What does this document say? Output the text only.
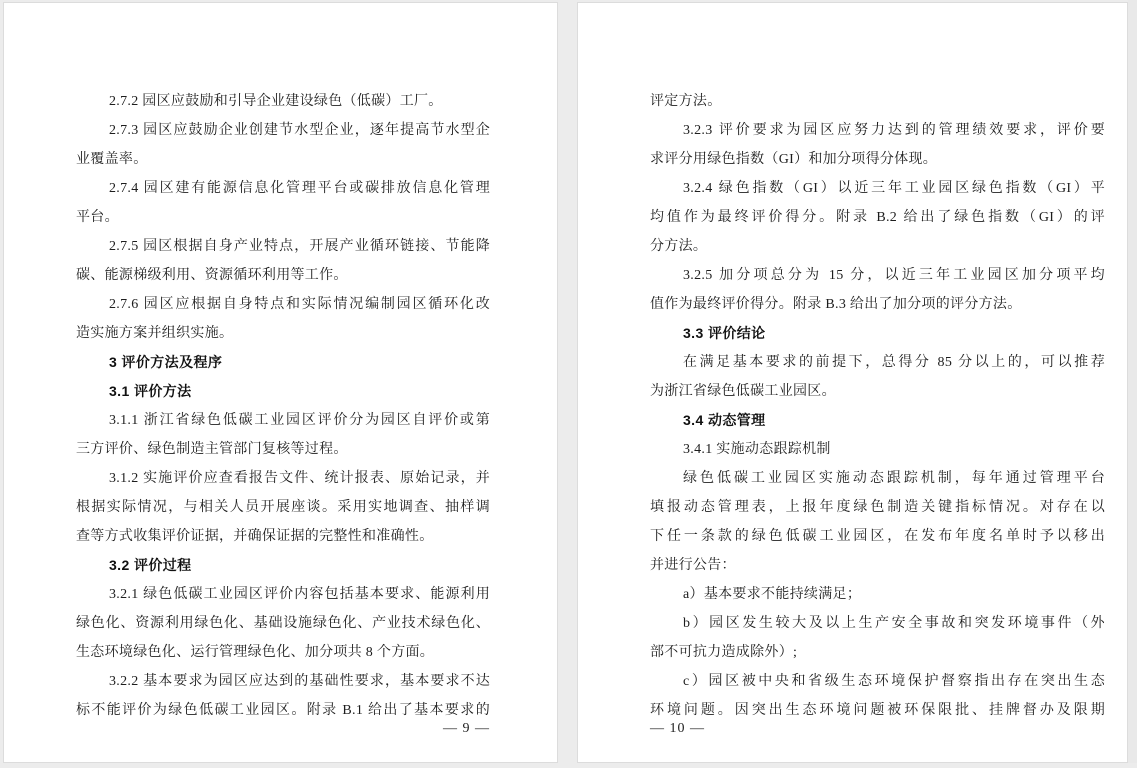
2.7.2 园区应鼓励和引导企业建设绿色（低碳）工厂。
2.7.3 园区应鼓励企业创建节水型企业，逐年提高节水型企
业覆盖率。
2.7.4 园区建有能源信息化管理平台或碳排放信息化管理
平台。
2.7.5 园区根据自身产业特点，开展产业循环链接、节能降
碳、能源梯级利用、资源循环利用等工作。
2.7.6 园区应根据自身特点和实际情况编制园区循环化改
造实施方案并组织实施。
3 评价方法及程序
3.1 评价方法
3.1.1 浙江省绿色低碳工业园区评价分为园区自评价或第
三方评价、绿色制造主管部门复核等过程。
3.1.2 实施评价应查看报告文件、统计报表、原始记录，并
根据实际情况，与相关人员开展座谈。采用实地调查、抽样调
查等方式收集评价证据，并确保证据的完整性和准确性。
3.2 评价过程
3.2.1 绿色低碳工业园区评价内容包括基本要求、能源利用
绿色化、资源利用绿色化、基础设施绿色化、产业技术绿色化、
生态环境绿色化、运行管理绿色化、加分项共 8 个方面。
3.2.2 基本要求为园区应达到的基础性要求，基本要求不达
标不能评价为绿色低碳工业园区。附录 B.1 给出了基本要求的
— 9 —
评定方法。
3.2.3 评价要求为园区应努力达到的管理绩效要求，评价要
求评分用绿色指数（GI）和加分项得分体现。
3.2.4 绿色指数（GI）以近三年工业园区绿色指数（GI）平
均值作为最终评价得分。附录 B.2 给出了绿色指数（GI）的评
分方法。
3.2.5 加分项总分为 15 分，以近三年工业园区加分项平均
值作为最终评价得分。附录 B.3 给出了加分项的评分方法。
3.3 评价结论
在满足基本要求的前提下，总得分 85 分以上的，可以推荐
为浙江省绿色低碳工业园区。
3.4 动态管理
3.4.1 实施动态跟踪机制
绿色低碳工业园区实施动态跟踪机制，每年通过管理平台
填报动态管理表，上报年度绿色制造关键指标情况。对存在以
下任一条款的绿色低碳工业园区，在发布年度名单时予以移出
并进行公告：
a）基本要求不能持续满足；
b）园区发生较大及以上生产安全事故和突发环境事件（外
部不可抗力造成除外）;
c）园区被中央和省级生态环境保护督察指出存在突出生态
环境问题。因突出生态环境问题被环保限批、挂牌督办及限期
— 10 —
